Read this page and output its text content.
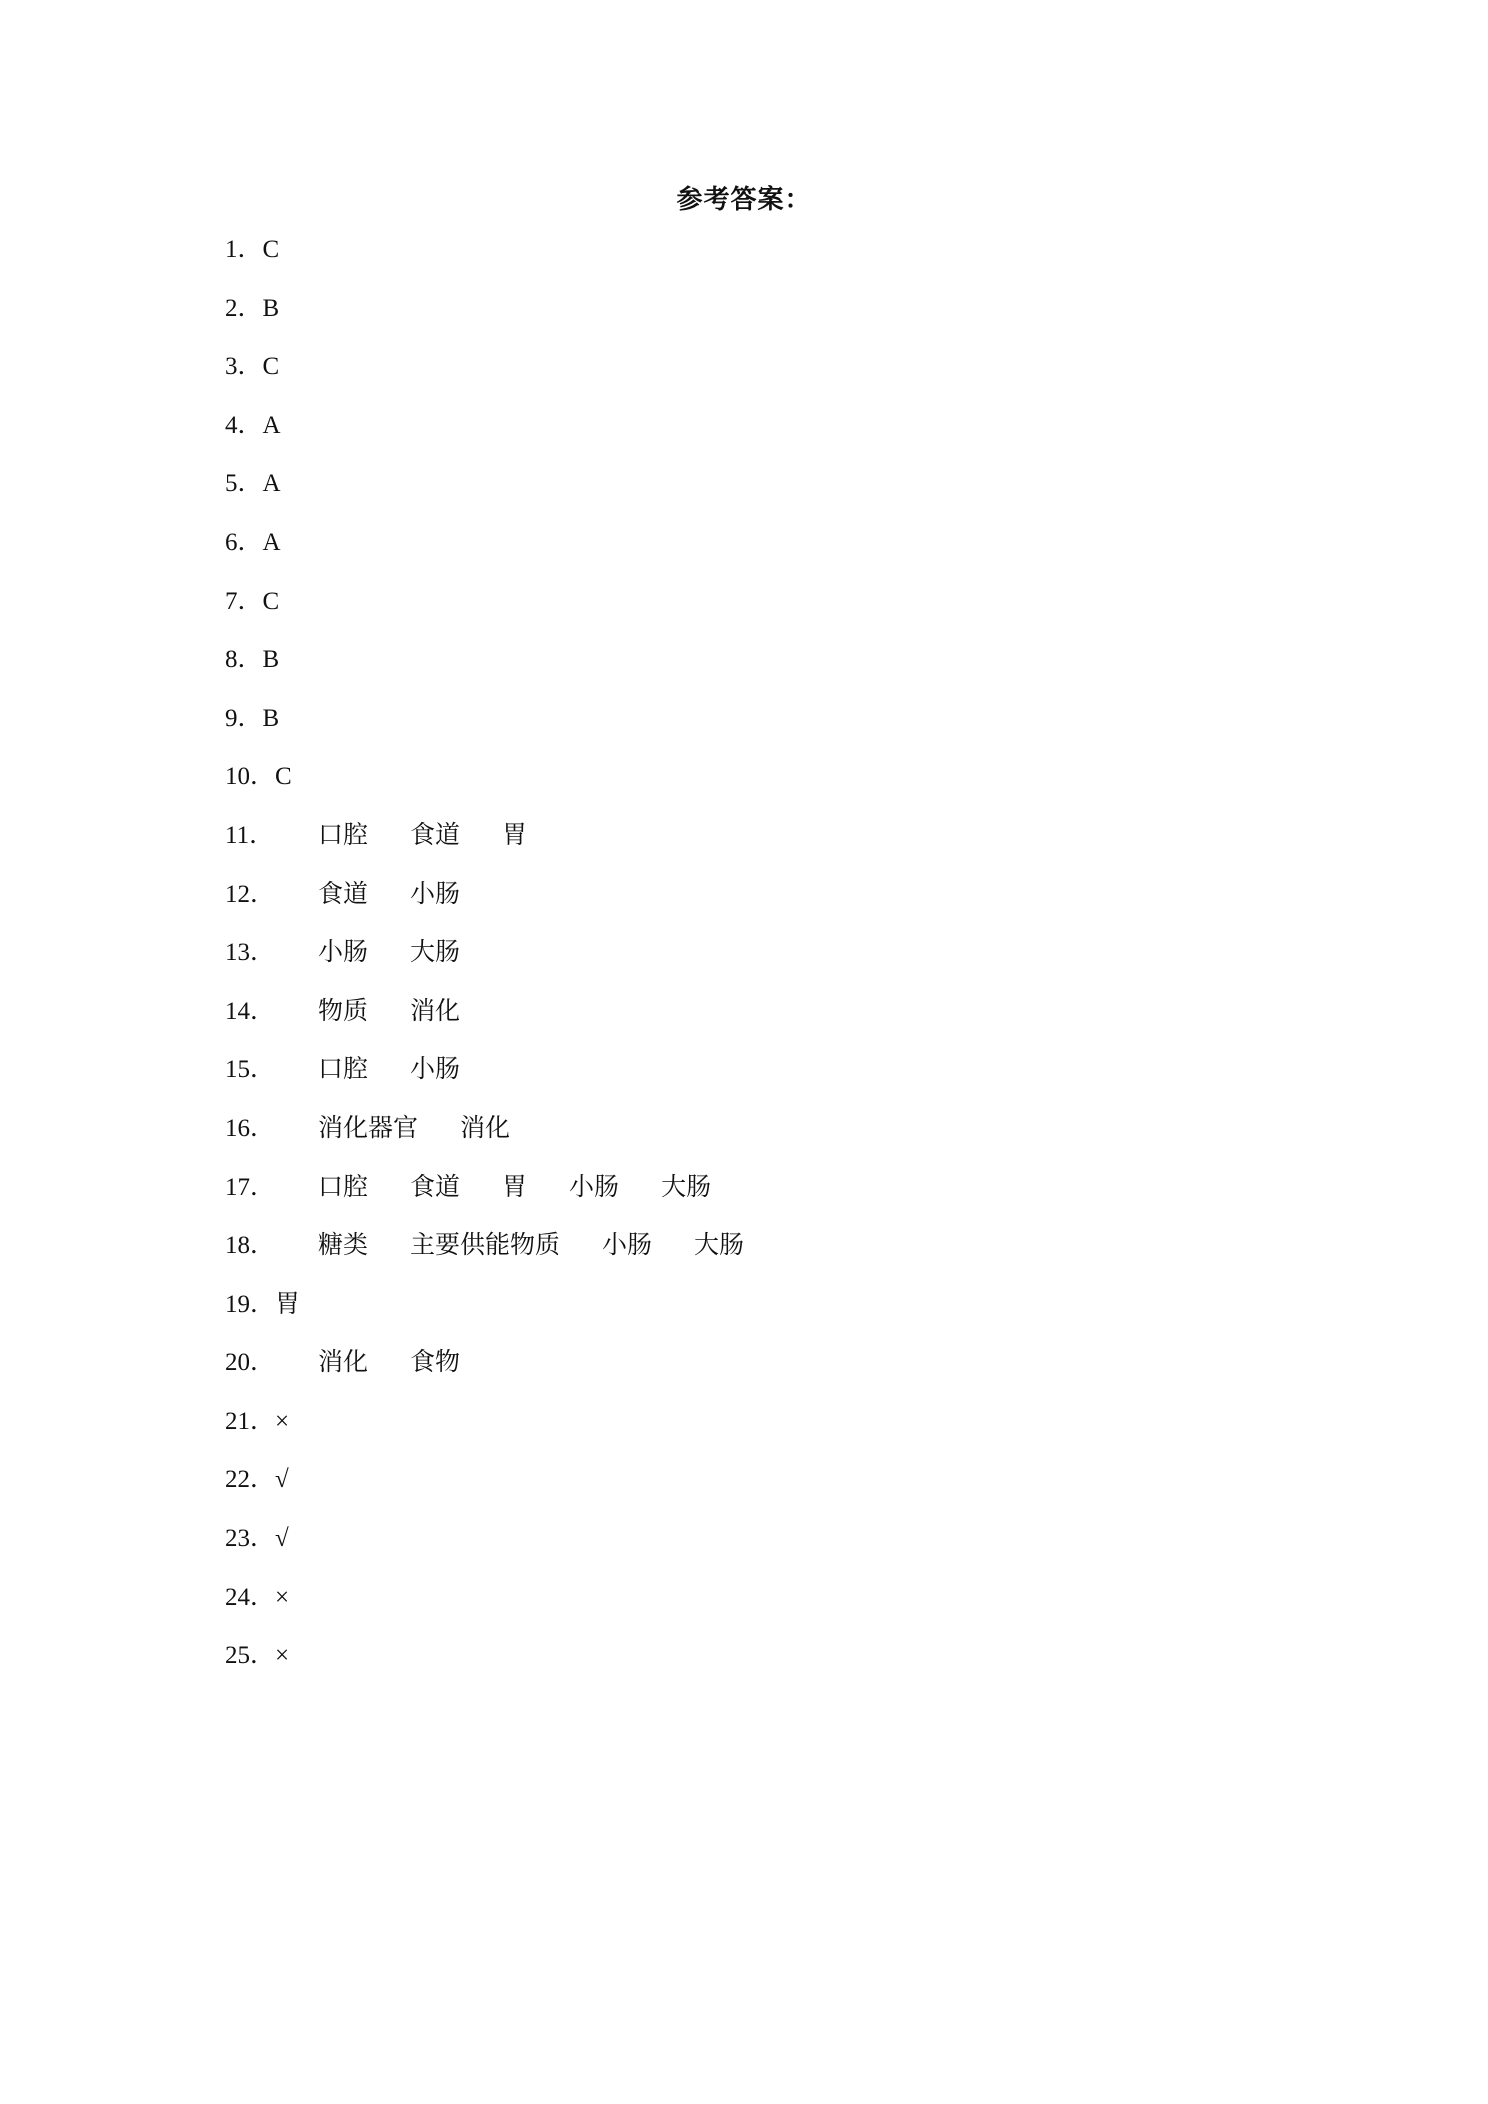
参考答案：
1．C
2．B
3．C
4．A
5．A
6．A
7．C
8．B
9．B
10．C
11． 口腔 食道 胃
12． 食道 小肠
13． 小肠 大肠
14． 物质 消化
15． 口腔 小肠
16． 消化器官 消化
17． 口腔 食道 胃 小肠 大肠
18． 糖类 主要供能物质 小肠 大肠
19．胃
20． 消化 食物
21．×
22．√
23．√
24．×
25．×
